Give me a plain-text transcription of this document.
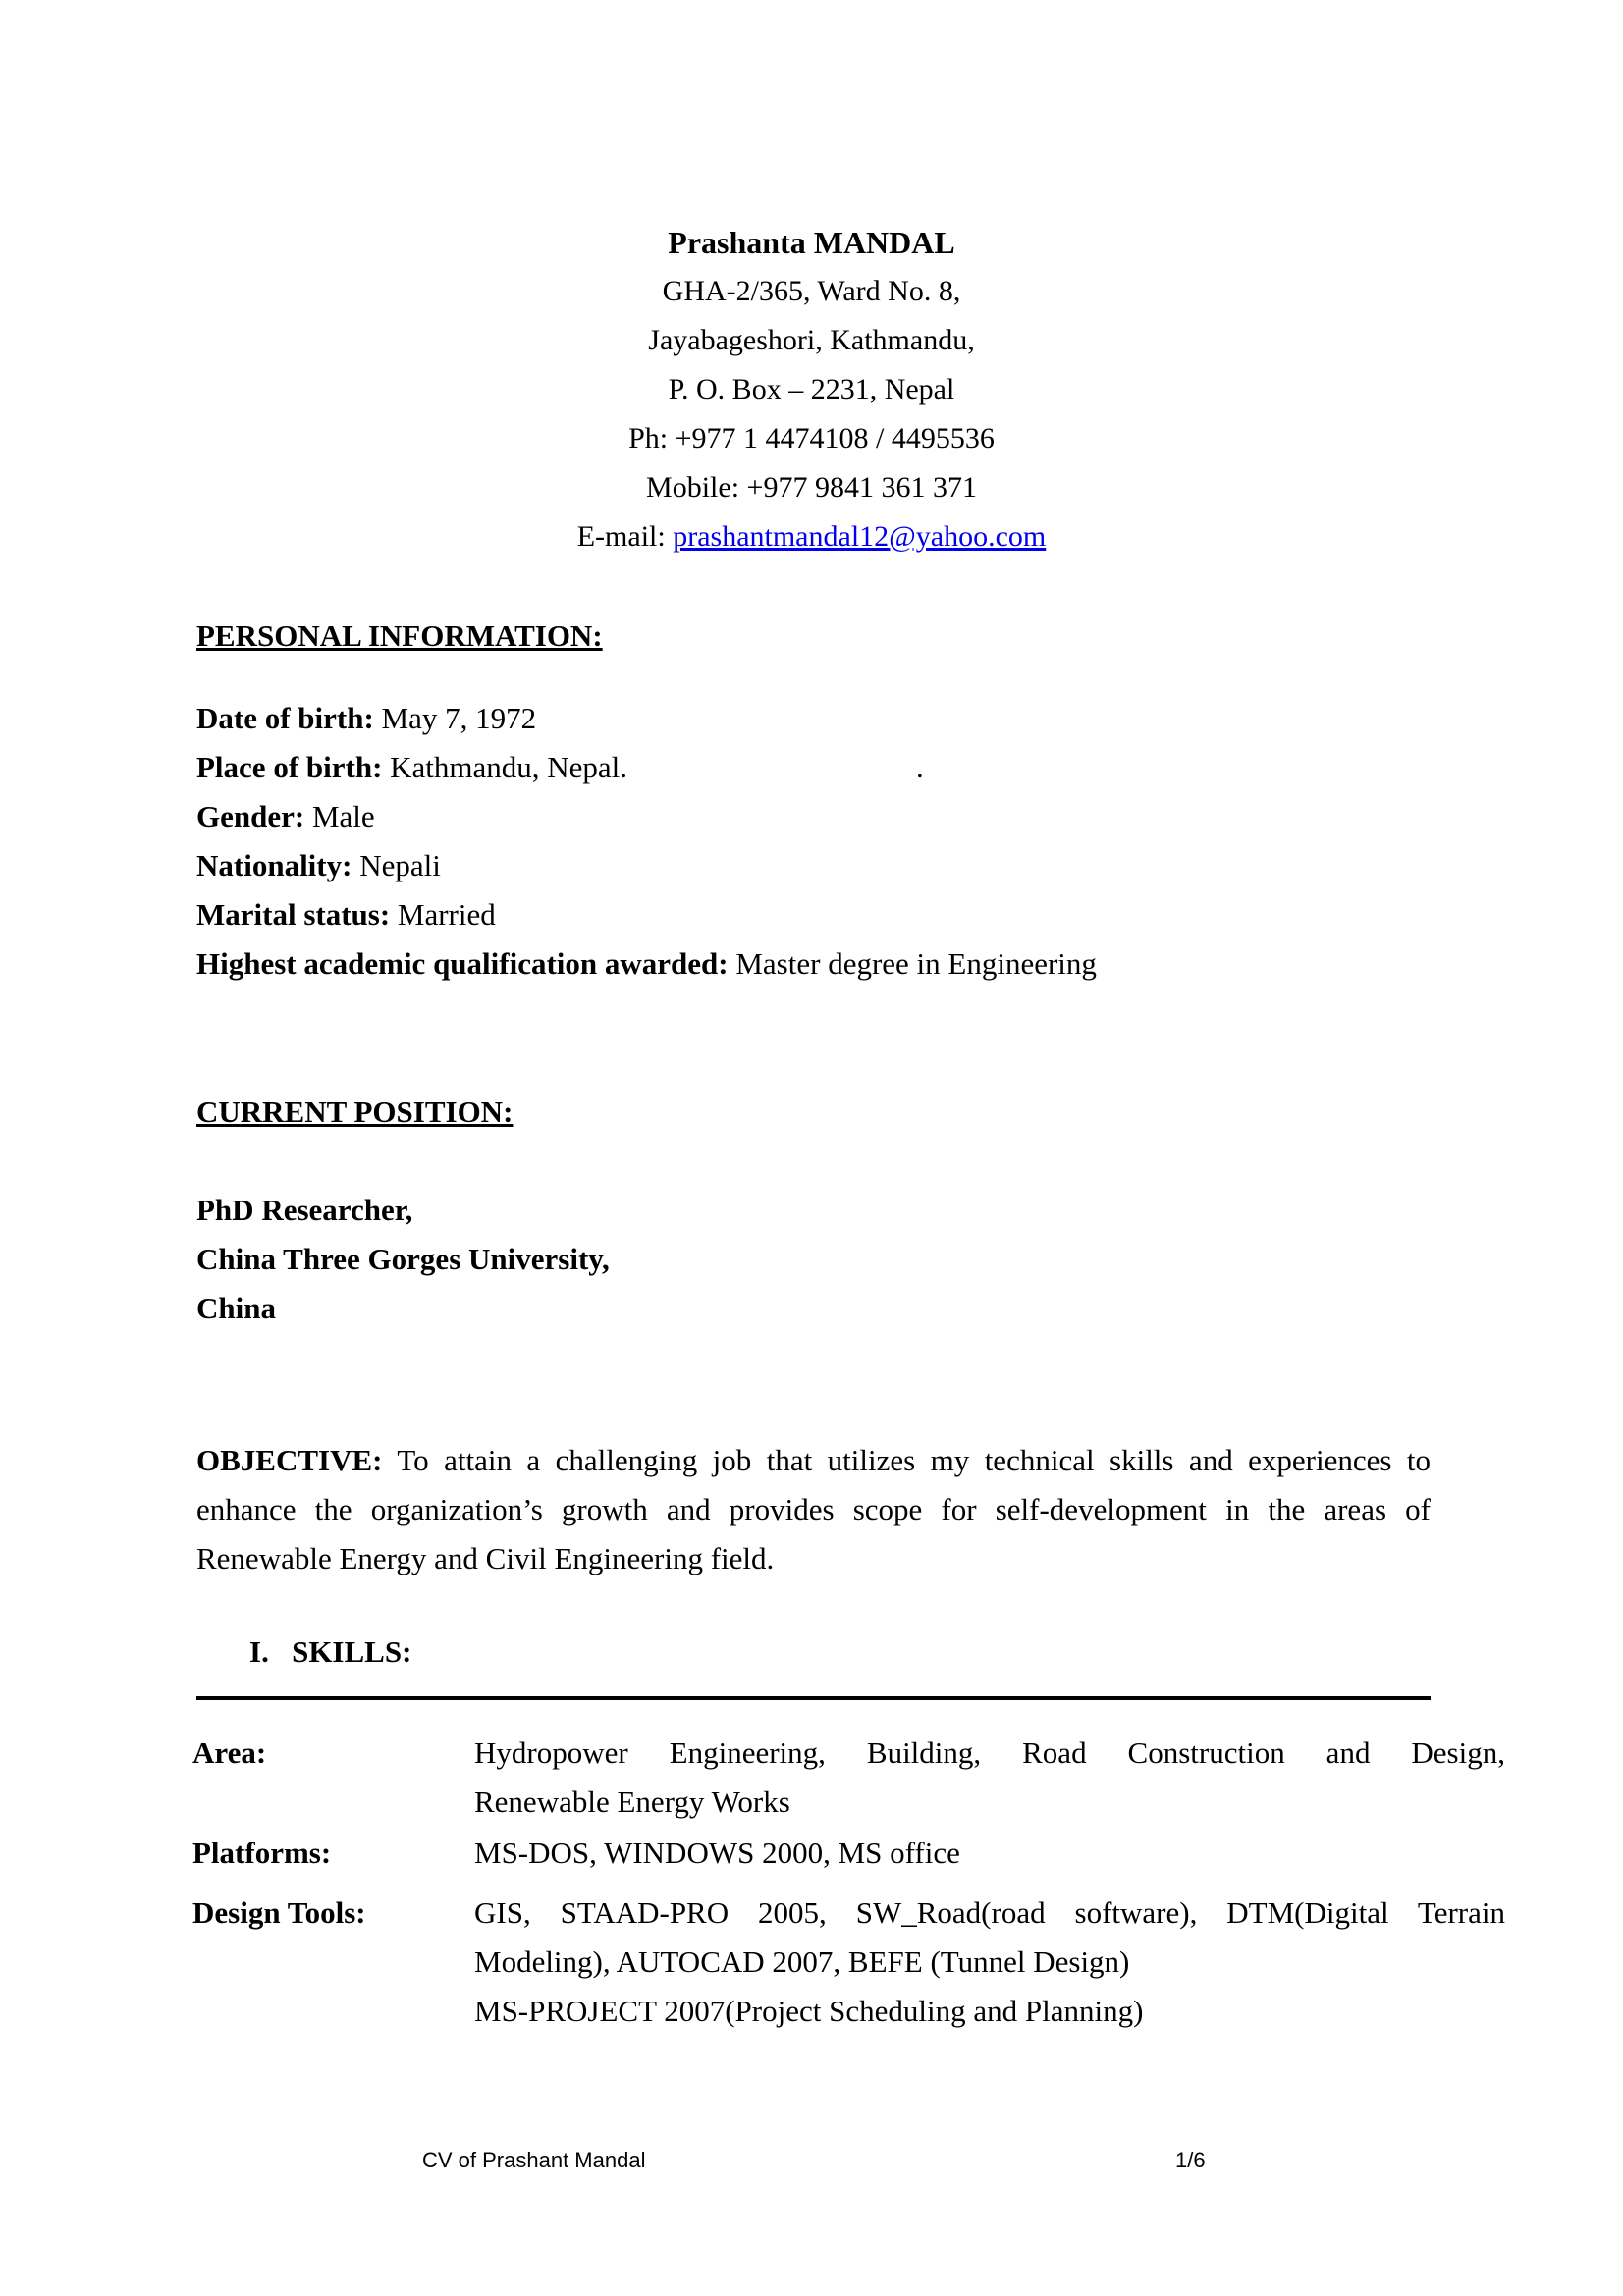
Prashanta MANDAL
GHA-2/365, Ward No. 8,
Jayabageshori, Kathmandu,
P. O. Box – 2231, Nepal
Ph: +977 1 4474108 / 4495536
Mobile: +977 9841 361 371
E-mail: prashantmandal12@yahoo.com
PERSONAL INFORMATION:
Date of birth: May 7, 1972
Place of birth: Kathmandu, Nepal.	.
Gender: Male
Nationality: Nepali
Marital status: Married
Highest academic qualification awarded: Master degree in Engineering
CURRENT POSITION:
PhD Researcher,
China Three Gorges University,
China
OBJECTIVE: To attain a challenging job that utilizes my technical skills and experiences to enhance the organization’s growth and provides scope for self-development in the areas of Renewable Energy and Civil Engineering field.
I. SKILLS:
Area:	Hydropower Engineering, Building, Road Construction and Design,
Renewable Energy Works
Platforms:	MS-DOS, WINDOWS 2000, MS office
Design Tools:	GIS, STAAD-PRO 2005, SW_Road(road software), DTM(Digital Terrain
Modeling), AUTOCAD 2007, BEFE (Tunnel Design)
MS-PROJECT 2007(Project Scheduling and Planning)
CV of Prashant Mandal	1/6
